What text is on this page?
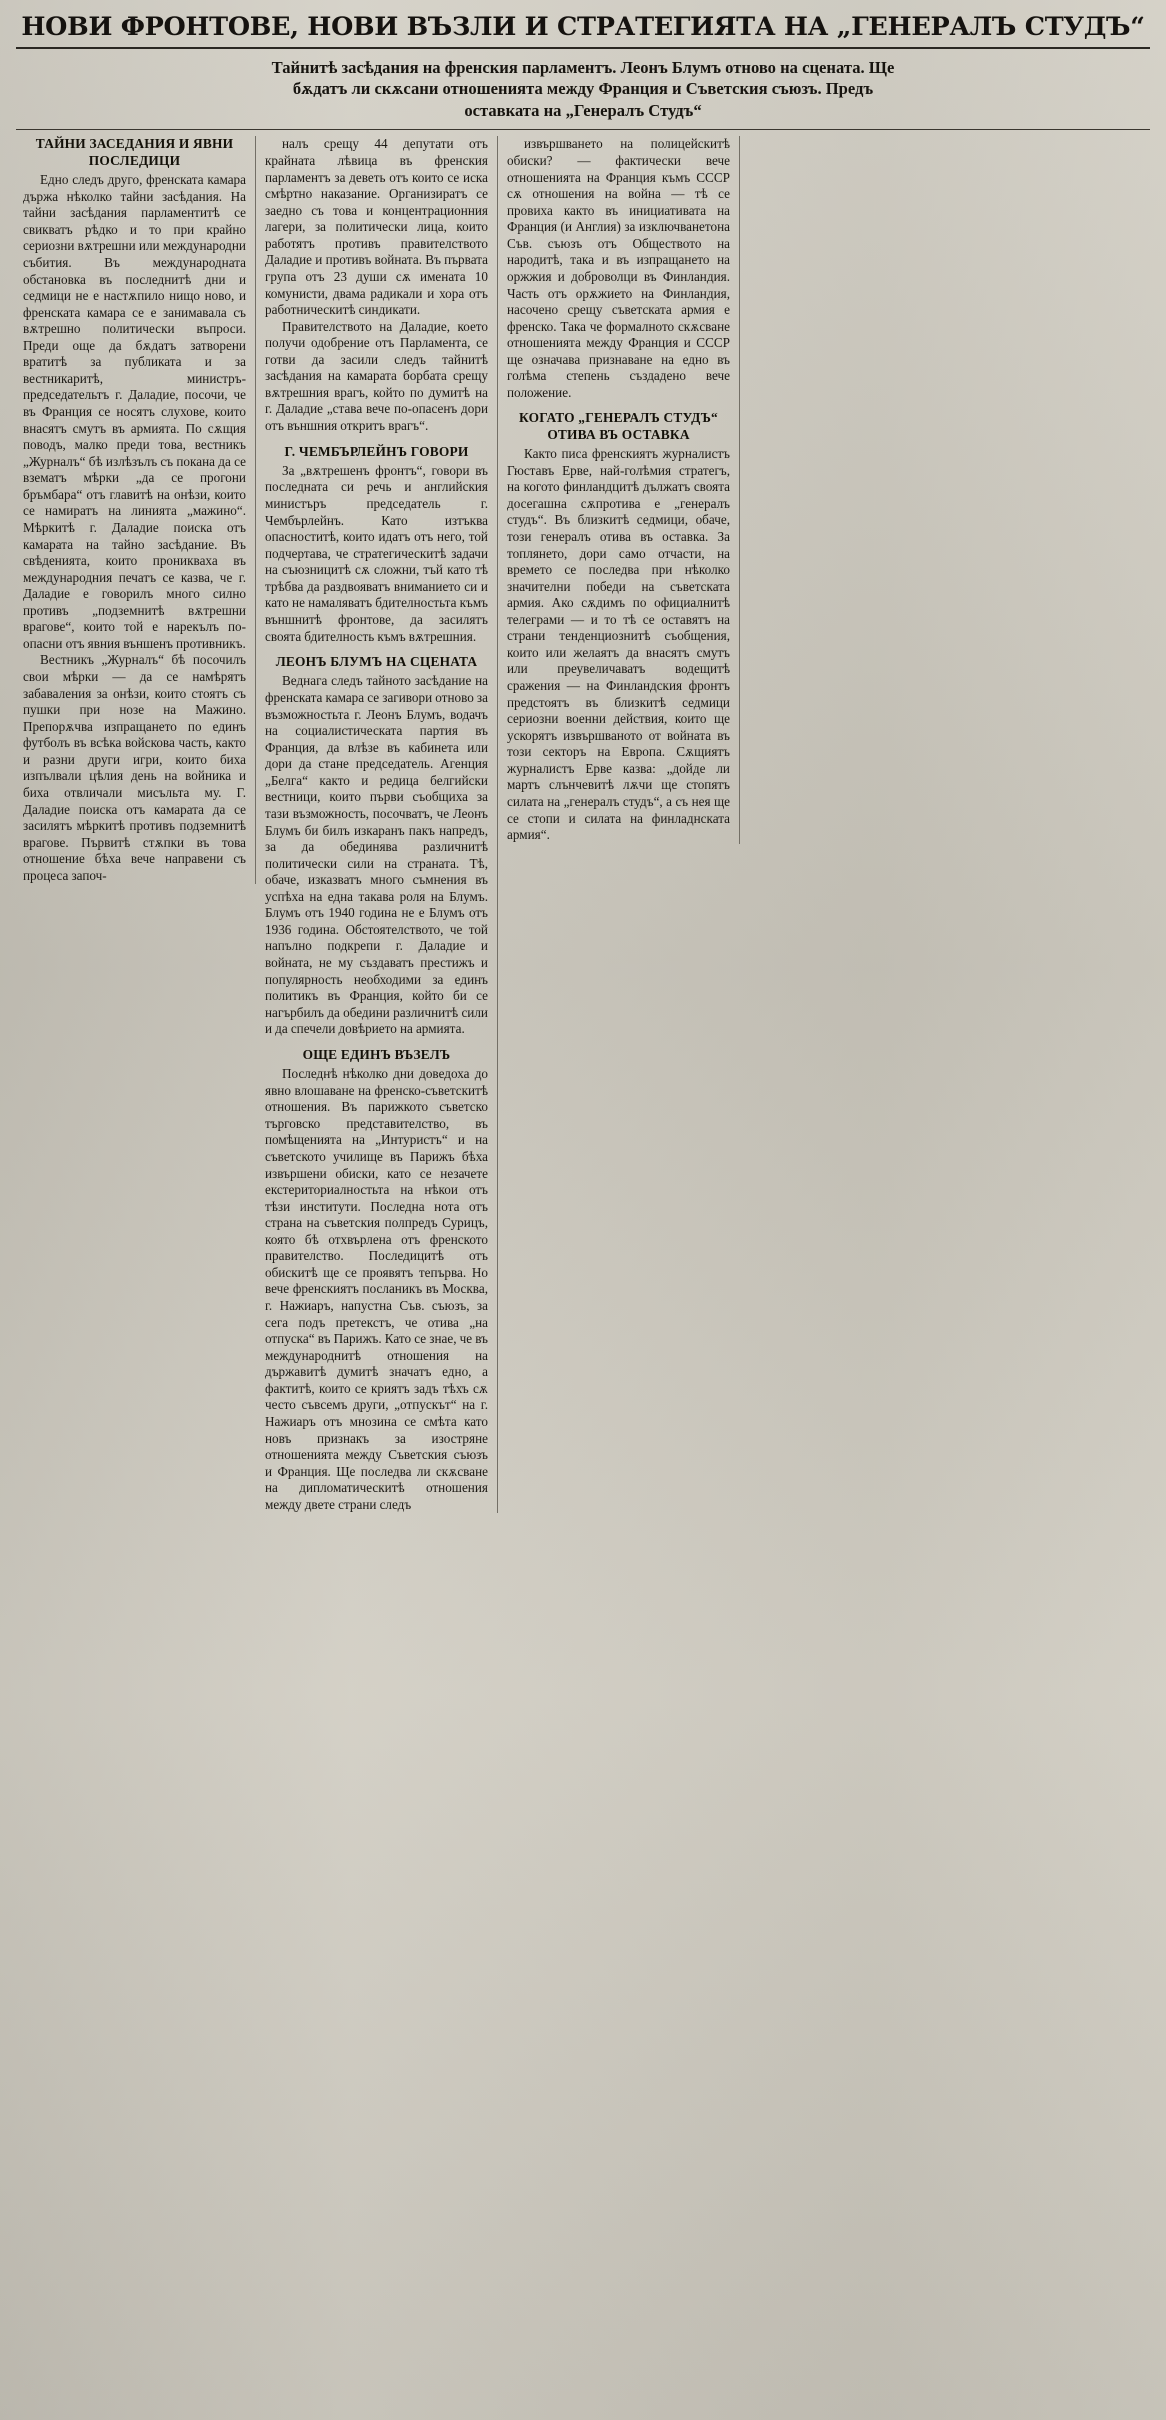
НОВИ ФРОНТОВЕ, НОВИ ВЪЗЛИ И СТРАТЕГИЯТА НА „ГЕНЕРАЛЪ СТУДЪ“
Тайнитѣ засѣдания на френския парламентъ. Леонъ Блумъ отново на сцената. Ще
бѫдатъ ли скѫсани отношенията между Франция и Съветския съюзъ. Предъ
оставката на „Генералъ Студъ“
ТАЙНИ ЗАСЕДАНИЯ И ЯВНИ ПОСЛЕДИЦИ

Едно следъ друго, френската камара държа нѣколко тайни засѣдания. На тайни засѣдания парламентитѣ се свикватъ рѣдко и то при крайно сериозни вѫтрешни или международни събития. Въ международната обстановка въ последнитѣ дни и седмици не е настѫпило нищо ново, и френската камара се е занимавала съ вѫтрешно политически въпроси. Преди още да бѫдатъ затворени вратитѣ за публиката и за вестникаритѣ, министръ-председательтъ г. Даладие, посочи, че въ Франция се носятъ слухове, които внасятъ смутъ въ армията. По сѫщия поводъ, малко преди това, вестникъ „Журналъ“ бѣ излѣзълъ съ покана да се взематъ мѣрки „да се прогони бръмбара“ отъ главитѣ на онѣзи, които се намиратъ на линията „мажино“. Мѣркитѣ г. Даладие поиска отъ камарата на тайно засѣдание. Въ свѣденията, които проникваха въ международния печатъ се казва, че г. Даладие е говорилъ много силно противъ „подземнитѣ вѫтрешни врагове“, които той е нарекълъ по-опасни отъ явния външенъ противникъ.

Вестникъ „Журналъ“ бѣ посочилъ свои мѣрки — да се намѣрятъ забаваления за онѣзи, които стоятъ съ пушки при нозе на Мажино. Препорѫчва изпращането по единъ футболъ въ всѣка войскова часть, както и разни други игри, които биха изпълвали цѣлия день на войника и биха отвличали мисъльта му. Г. Даладие поиска отъ камарата да се засилятъ мѣркитѣ противъ подземнитѣ врагове. Първитѣ стѫпки въ това отношение бѣха вече направени съ процеса започ-

налъ срещу 44 депутати отъ крайната лѣвица въ френския парламентъ за деветь отъ които се иска смѣртно наказание. Организиратъ се заедно съ това и концентрационния лагери, за политически лица, които работятъ противъ правителството Даладие и противъ войната. Въ първата група отъ 23 души сѫ имената 10 комунисти, двама радикали и хора отъ работническитѣ синдикати.

Правителството на Даладие, което получи одобрение отъ Парламента, се готви да засили следъ тайнитѣ засѣдания на камарата борбата срещу вѫтрешния врагъ, който по думитѣ на г. Даладие „става вече по-опасенъ дори отъ външния откритъ врагъ“.

Г. ЧЕМБЪРЛЕЙНЪ ГОВОРИ

За „вѫтрешенъ фронтъ“, говори въ последната си речь и английския министъръ председатель г. Чембърлейнъ. Като изтъква опасноститѣ, които идатъ отъ него, той подчертава, че стратегическитѣ задачи на съюзницитѣ сѫ сложни, тъй като тѣ трѣбва да раздвояватъ вниманието си и като не намаляватъ бдителностьта къмъ външнитѣ фронтове, да засилятъ своята бдителность къмъ вѫтрешния.

ЛЕОНЪ БЛУМЪ НА СЦЕНАТА

Веднага следъ тайното засѣдание на френската камара се загивори отново за възможностьта г. Леонъ Блумъ, водачъ на социалистическата партия въ Франция, да влѣзе въ кабинета или дори да стане председатель. Агенция „Белга“ както и редица белгийски вестници, които първи съобщиха за тази възможность, посочватъ, че Леонъ Блумъ би билъ изкаранъ пакъ напредъ, за да обединява различнитѣ политически сили на страната. Тѣ, обаче, изказватъ много съмнения въ успѣха на една такава роля на Блумъ. Блумъ отъ 1940 година не е Блумъ отъ 1936 година. Обстоятелството, че той напълно подкрепи г. Даладие и войната, не му създаватъ престижъ и популярность необходими за единъ политикъ въ Франция, който би се нагърбилъ да обедини различнитѣ сили и да спечели довѣрието на армията.

ОЩЕ ЕДИНЪ ВЪЗЕЛЪ

Последнѣ нѣколко дни доведоха до явно влошаване на френско-съветскитѣ отношения. Въ парижкото съветско търговско представителство, въ помѣщенията на „Интуристъ“ и на съветското училище въ Парижъ бѣха извършени обиски, като се незачете екстериториалностьта на нѣкои отъ тѣзи институти. Последна нота отъ страна на съветския полпредъ Сурицъ, която бѣ отхвърлена отъ френското правителство. Последицитѣ отъ обискитѣ ще се проявятъ тепърва. Но вече френскиятъ посланикъ въ Москва, г. Нажиаръ, напустна Съв. съюзъ, за сега подъ претекстъ, че отива „на отпуска“ въ Парижъ. Като се знае, че въ международнитѣ отношения на държавитѣ думитѣ значатъ едно, а фактитѣ, които се криятъ задъ тѣхъ сѫ често съвсемъ други, „отпускът“ на г. Нажиаръ отъ мнозина се смѣта като новъ признакъ за изостряне отношенията между Съветския съюзъ и Франция. Ще последва ли скѫсване на дипломатическитѣ отношения между двете страни следъ

извършването на полицейскитѣ обиски? — фактически вече отношенията на Франция къмъ СССР сѫ отношения на война — тѣ се провиха както въ инициативата на Франция (и Англия) за изключванетона Съв. съюзъ отъ Обществото на народитѣ, така и въ изпращането на оржжия и доброволци въ Финландия. Часть отъ орѫжието на Финландия, насочено срещу съветската армия е френско. Така че формалното скѫсване отношенията между Франция и СССР ще означава признаване на едно въ голѣма степень създадено вече положение.

КОГАТО „ГЕНЕРАЛЪ СТУДЪ“ ОТИВА ВЪ ОСТАВКА

Както писа френскиятъ журналистъ Гюставъ Ерве, най-голѣмия стратегъ, на когото финландцитѣ дължатъ своята досегашна сѫпротива е „генералъ студъ“. Въ близкитѣ седмици, обаче, този генералъ отива въ оставка. За топлянето, дори само отчасти, на времето се последва при нѣколко значителни победи на съветската армия. Ако сѫдимъ по официалнитѣ телеграми — и то тѣ се оставятъ на страни тенденциознитѣ съобщения, които или желаятъ да внасятъ смутъ или преувеличаватъ водещитѣ сражения — на Финландския фронтъ предстоятъ въ близкитѣ седмици сериозни военни действия, които ще ускорятъ извършваното от войната въ този секторъ на Европа. Сѫщиятъ журналистъ Ерве казва: „дойде ли мартъ слънчевитѣ лѫчи ще стопятъ силата на „генералъ студъ“, а съ нея ще се стопи и силата на финладнската армия“.
